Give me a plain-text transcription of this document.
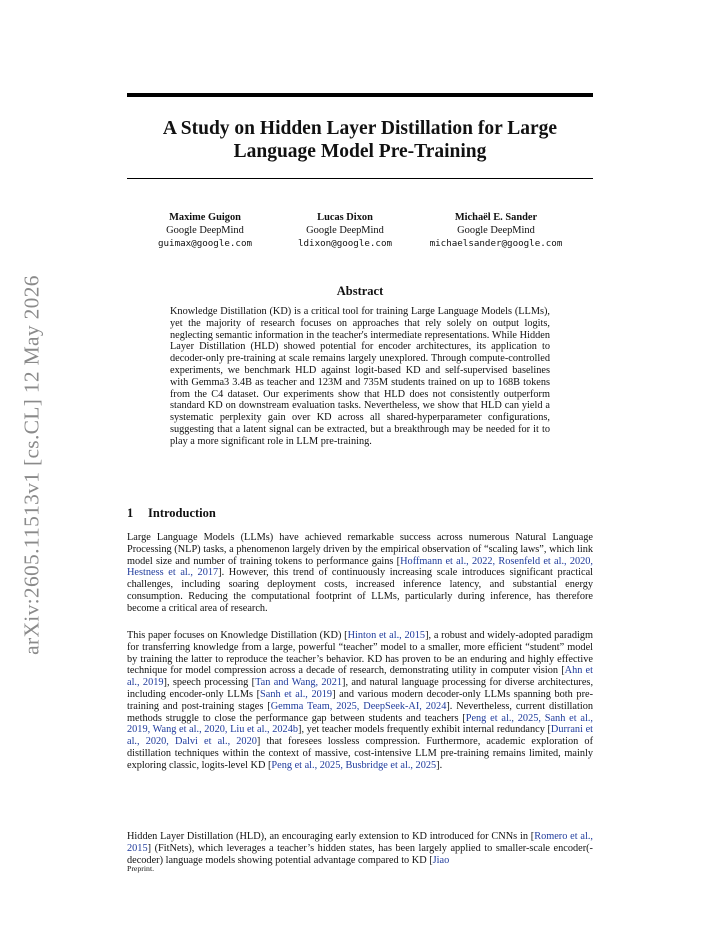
arXiv:2605.11513v1 [cs.CL] 12 May 2026
A Study on Hidden Layer Distillation for Large Language Model Pre-Training
Maxime Guigon
Google DeepMind
guimax@google.com
Lucas Dixon
Google DeepMind
ldixon@google.com
Michaël E. Sander
Google DeepMind
michaelsander@google.com
Abstract
Knowledge Distillation (KD) is a critical tool for training Large Language Models (LLMs), yet the majority of research focuses on approaches that rely solely on output logits, neglecting semantic information in the teacher's intermediate representations. While Hidden Layer Distillation (HLD) showed potential for encoder architectures, its application to decoder-only pre-training at scale remains largely unexplored. Through compute-controlled experiments, we benchmark HLD against logit-based KD and self-supervised baselines with Gemma3 3.4B as teacher and 123M and 735M students trained on up to 168B tokens from the C4 dataset. Our experiments show that HLD does not consistently outperform standard KD on downstream evaluation tasks. Nevertheless, we show that HLD can yield a systematic perplexity gain over KD across all shared-hyperparameter configurations, suggesting that a latent signal can be extracted, but a breakthrough may be needed for it to play a more significant role in LLM pre-training.
1 Introduction
Large Language Models (LLMs) have achieved remarkable success across numerous Natural Language Processing (NLP) tasks, a phenomenon largely driven by the empirical observation of “scaling laws”, which link model size and number of training tokens to performance gains [Hoffmann et al., 2022, Rosenfeld et al., 2020, Hestness et al., 2017]. However, this trend of continuously increasing scale introduces significant practical challenges, including soaring deployment costs, increased inference latency, and substantial energy consumption. Reducing the computational footprint of LLMs, particularly during inference, has therefore become a critical area of research.
This paper focuses on Knowledge Distillation (KD) [Hinton et al., 2015], a robust and widely-adopted paradigm for transferring knowledge from a large, powerful “teacher” model to a smaller, more efficient “student” model by training the latter to reproduce the teacher’s behavior. KD has proven to be an enduring and highly effective technique for model compression across a decade of research, demonstrating utility in computer vision [Ahn et al., 2019], speech processing [Tan and Wang, 2021], and natural language processing for diverse architectures, including encoder-only LLMs [Sanh et al., 2019] and various modern decoder-only LLMs spanning both pre-training and post-training stages [Gemma Team, 2025, DeepSeek-AI, 2024]. Nevertheless, current distillation methods struggle to close the performance gap between students and teachers [Peng et al., 2025, Sanh et al., 2019, Wang et al., 2020, Liu et al., 2024b], yet teacher models frequently exhibit internal redundancy [Durrani et al., 2020, Dalvi et al., 2020] that foresees lossless compression. Furthermore, academic exploration of distillation techniques within the context of massive, cost-intensive LLM pre-training remains limited, mainly exploring classic, logits-level KD [Peng et al., 2025, Busbridge et al., 2025].
Hidden Layer Distillation (HLD), an encouraging early extension to KD introduced for CNNs in [Romero et al., 2015] (FitNets), which leverages a teacher’s hidden states, has been largely applied to smaller-scale encoder(-decoder) language models showing potential advantage compared to KD [Jiao
Preprint.
